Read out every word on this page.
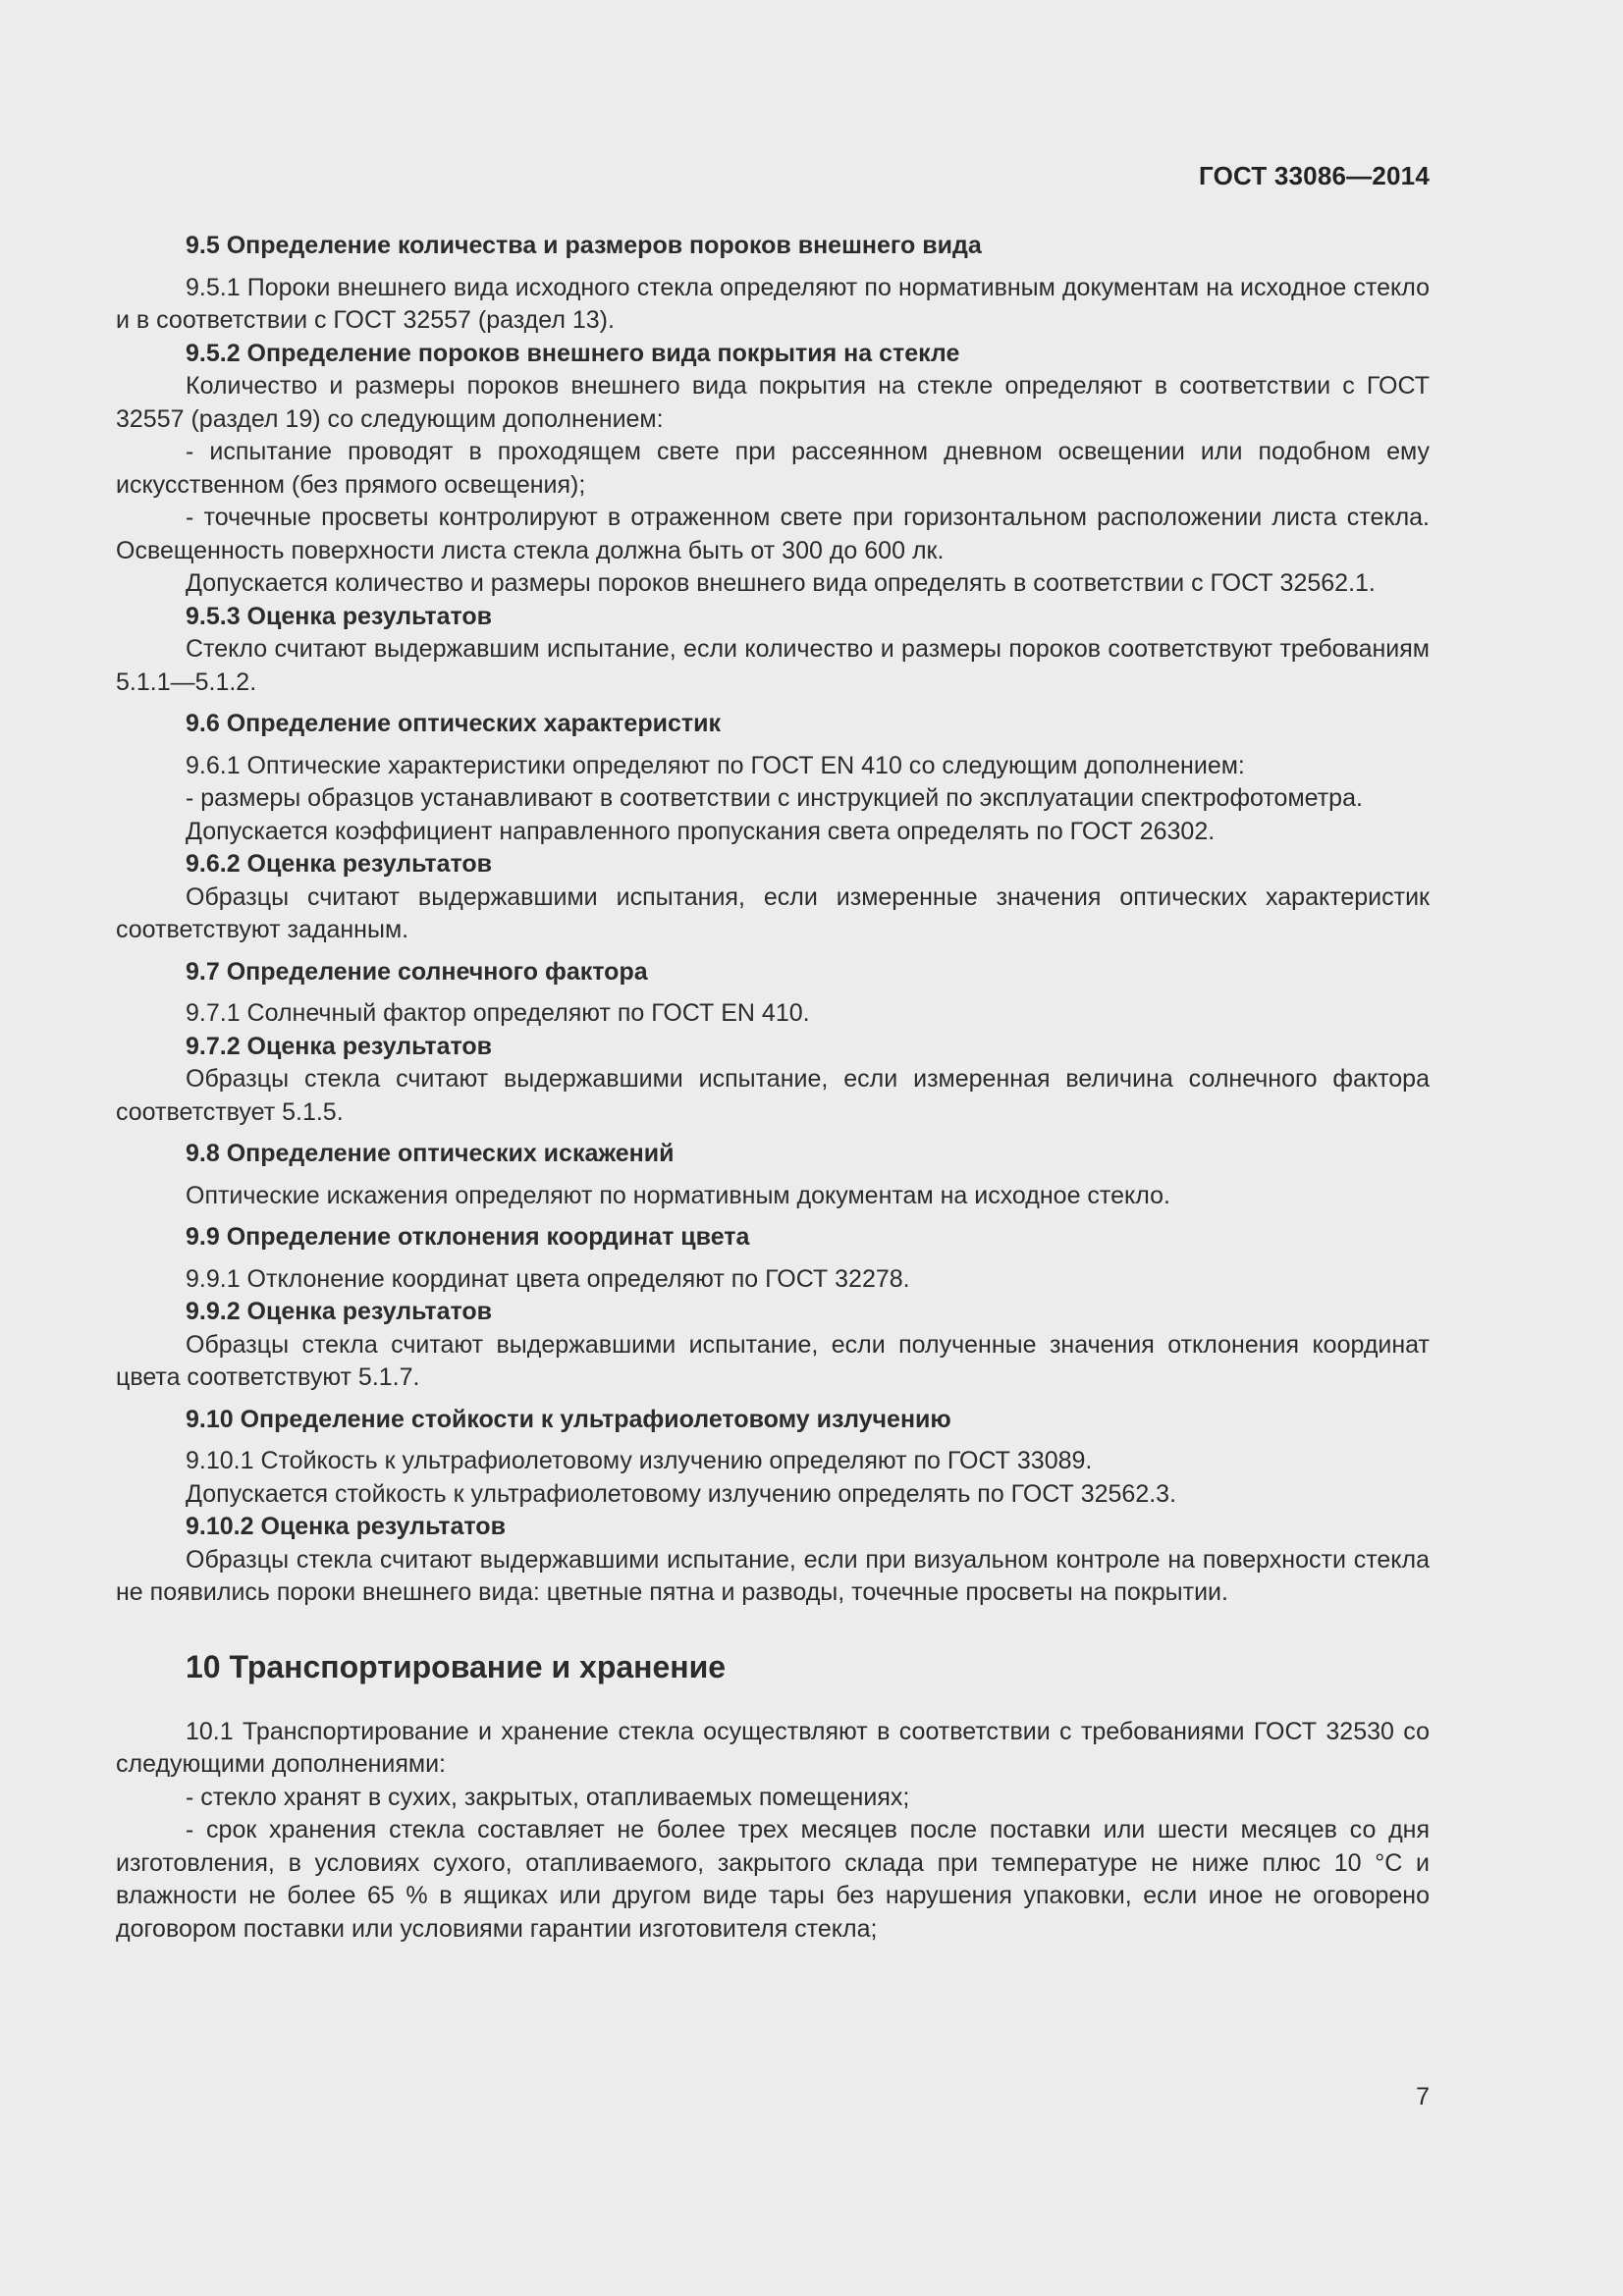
ГОСТ 33086—2014
9.5 Определение количества и размеров пороков внешнего вида
9.5.1 Пороки внешнего вида исходного стекла определяют по нормативным документам на исходное стекло и в соответствии с ГОСТ 32557 (раздел 13).
9.5.2 Определение пороков внешнего вида покрытия на стекле
Количество и размеры пороков внешнего вида покрытия на стекле определяют в соответствии с ГОСТ 32557 (раздел 19) со следующим дополнением:
- испытание проводят в проходящем свете при рассеянном дневном освещении или подобном ему искусственном (без прямого освещения);
- точечные просветы контролируют в отраженном свете при горизонтальном расположении листа стекла. Освещенность поверхности листа стекла должна быть от 300 до 600 лк.
Допускается количество и размеры пороков внешнего вида определять в соответствии с ГОСТ 32562.1.
9.5.3 Оценка результатов
Стекло считают выдержавшим испытание, если количество и размеры пороков соответствуют требованиям 5.1.1—5.1.2.
9.6 Определение оптических характеристик
9.6.1 Оптические характеристики определяют по ГОСТ EN 410 со следующим дополнением:
- размеры образцов устанавливают в соответствии с инструкцией по эксплуатации спектрофотометра.
Допускается коэффициент направленного пропускания света определять по ГОСТ 26302.
9.6.2 Оценка результатов
Образцы считают выдержавшими испытания, если измеренные значения оптических характеристик соответствуют заданным.
9.7 Определение солнечного фактора
9.7.1 Солнечный фактор определяют по ГОСТ EN 410.
9.7.2 Оценка результатов
Образцы стекла считают выдержавшими испытание, если измеренная величина солнечного фактора соответствует 5.1.5.
9.8 Определение оптических искажений
Оптические искажения определяют по нормативным документам на исходное стекло.
9.9 Определение отклонения координат цвета
9.9.1 Отклонение координат цвета определяют по ГОСТ 32278.
9.9.2 Оценка результатов
Образцы стекла считают выдержавшими испытание, если полученные значения отклонения координат цвета соответствуют 5.1.7.
9.10 Определение стойкости к ультрафиолетовому излучению
9.10.1 Стойкость к ультрафиолетовому излучению определяют по ГОСТ 33089.
Допускается стойкость к ультрафиолетовому излучению определять по ГОСТ 32562.3.
9.10.2 Оценка результатов
Образцы стекла считают выдержавшими испытание, если при визуальном контроле на поверхности стекла не появились пороки внешнего вида: цветные пятна и разводы, точечные просветы на покрытии.
10 Транспортирование и хранение
10.1 Транспортирование и хранение стекла осуществляют в соответствии с требованиями ГОСТ 32530 со следующими дополнениями:
- стекло хранят в сухих, закрытых, отапливаемых помещениях;
- срок хранения стекла составляет не более трех месяцев после поставки или шести месяцев со дня изготовления, в условиях сухого, отапливаемого, закрытого склада при температуре не ниже плюс 10 °С и влажности не более 65 % в ящиках или другом виде тары без нарушения упаковки, если иное не оговорено договором поставки или условиями гарантии изготовителя стекла;
7
